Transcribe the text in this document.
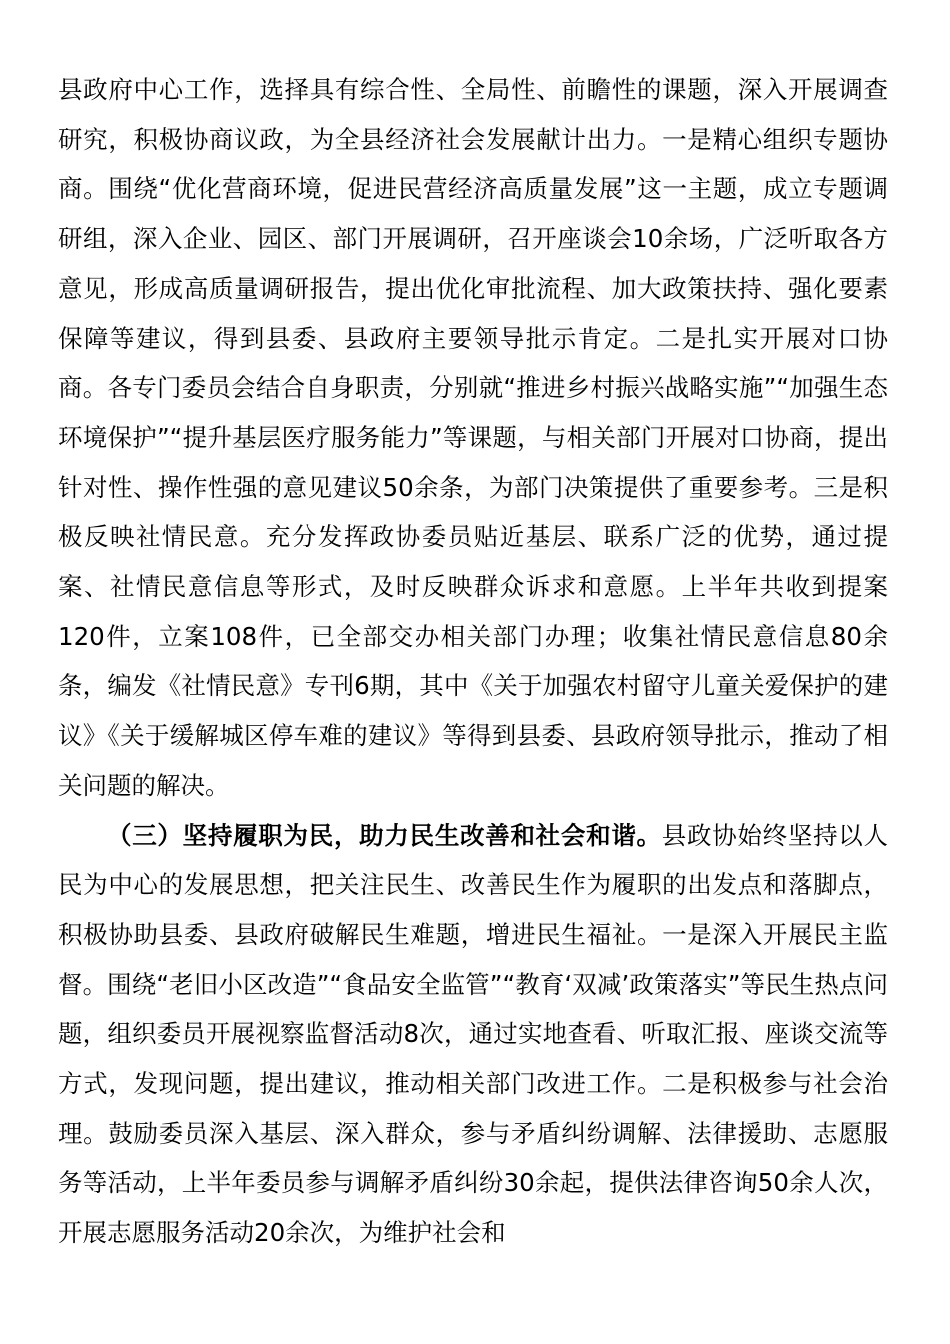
县政府中心工作，选择具有综合性、全局性、前瞻性的课题，深入开展调查研究，积极协商议政，为全县经济社会发展献计出力。一是精心组织专题协商。围绕“优化营商环境，促进民营经济高质量发展”这一主题，成立专题调研组，深入企业、园区、部门开展调研，召开座谈会10余场，广泛听取各方意见，形成高质量调研报告，提出优化审批流程、加大政策扶持、强化要素保障等建议，得到县委、县政府主要领导批示肯定。二是扎实开展对口协商。各专门委员会结合自身职责，分别就“推进乡村振兴战略实施”“加强生态环境保护”“提升基层医疗服务能力”等课题，与相关部门开展对口协商，提出针对性、操作性强的意见建议50余条，为部门决策提供了重要参考。三是积极反映社情民意。充分发挥政协委员贴近基层、联系广泛的优势，通过提案、社情民意信息等形式，及时反映群众诉求和意愿。上半年共收到提案120件，立案108件，已全部交办相关部门办理；收集社情民意信息80余条，编发《社情民意》专刊6期，其中《关于加强农村留守儿童关爱保护的建议》《关于缓解城区停车难的建议》等得到县委、县政府领导批示，推动了相关问题的解决。

（三）坚持履职为民，助力民生改善和社会和谐。县政协始终坚持以人民为中心的发展思想，把关注民生、改善民生作为履职的出发点和落脚点，积极协助县委、县政府破解民生难题，增进民生福祉。一是深入开展民主监督。围绕“老旧小区改造”“食品安全监管”“教育‘双减’政策落实”等民生热点问题，组织委员开展视察监督活动8次，通过实地查看、听取汇报、座谈交流等方式，发现问题，提出建议，推动相关部门改进工作。二是积极参与社会治理。鼓励委员深入基层、深入群众，参与矛盾纠纷调解、法律援助、志愿服务等活动，上半年委员参与调解矛盾纠纷30余起，提供法律咨询50余人次，开展志愿服务活动20余次，为维护社会和
